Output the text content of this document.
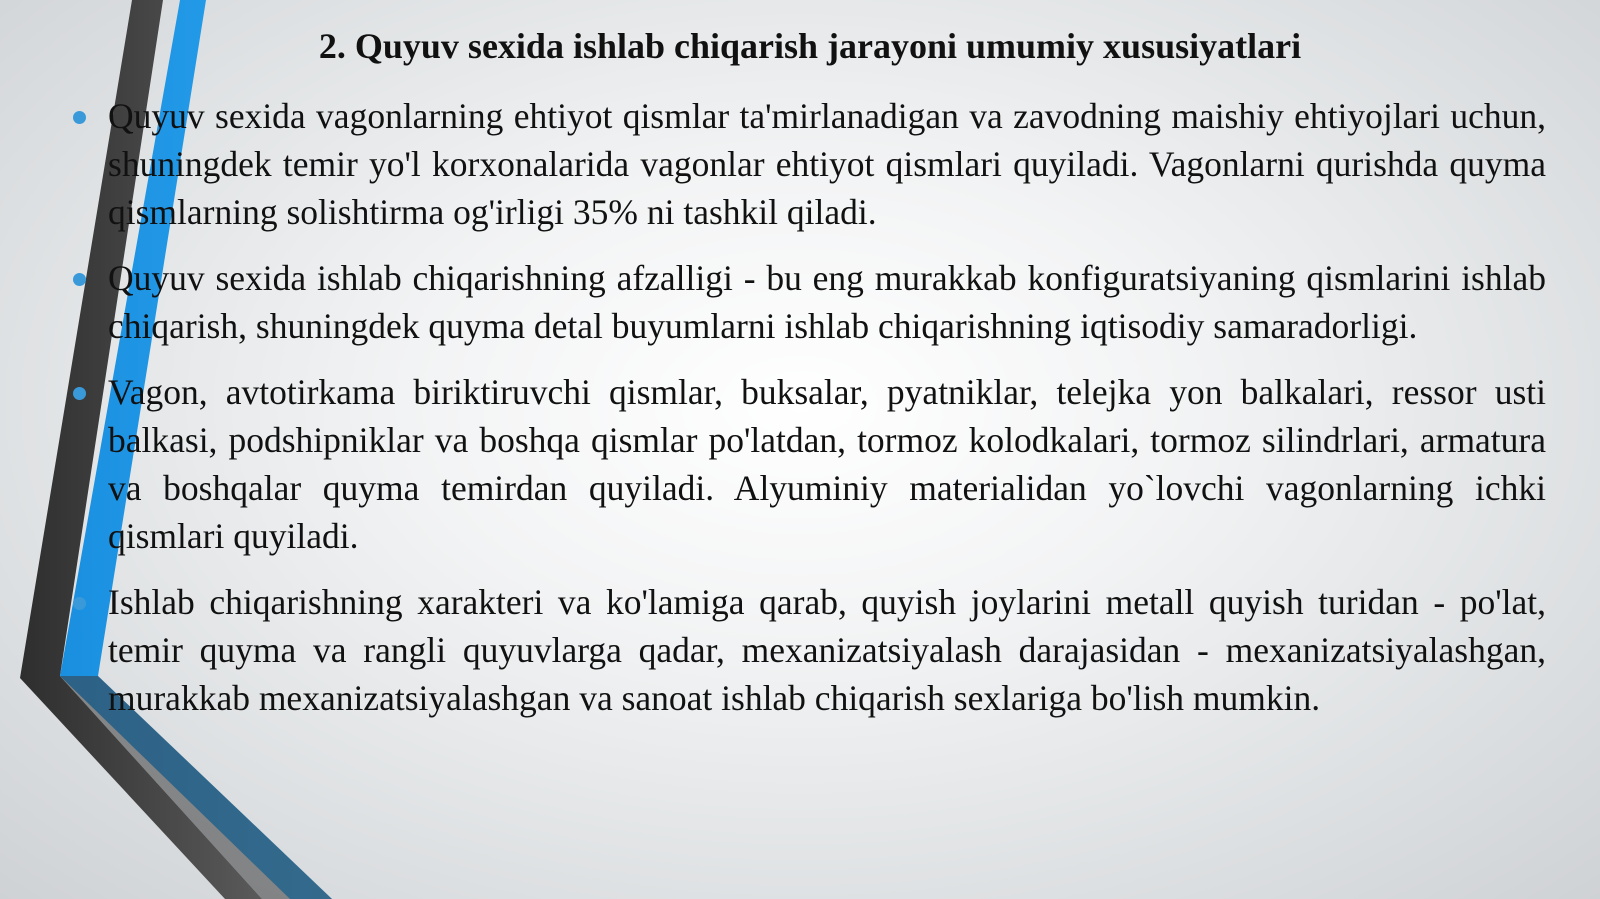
2. Quyuv sexida ishlab chiqarish jarayoni umumiy xususiyatlari
Quyuv sexida vagonlarning ehtiyot qismlar ta'mirlanadigan va zavodning maishiy ehtiyojlari uchun, shuningdek temir yo'l korxonalarida vagonlar ehtiyot qismlari quyiladi. Vagonlarni qurishda quyma qismlarning solishtirma og'irligi 35% ni tashkil qiladi.
Quyuv sexida ishlab chiqarishning afzalligi - bu eng murakkab konfiguratsiyaning qismlarini ishlab chiqarish, shuningdek quyma detal buyumlarni ishlab chiqarishning iqtisodiy samaradorligi.
Vagon, avtotirkama biriktiruvchi qismlar, buksalar, pyatniklar, telejka yon balkalari, ressor usti balkasi, podshipniklar va boshqa qismlar po'latdan, tormoz kolodkalari, tormoz silindrlari, armatura va boshqalar quyma temirdan quyiladi. Alyuminiy materialidan yo`lovchi vagonlarning ichki qismlari quyiladi.
Ishlab chiqarishning xarakteri va ko'lamiga qarab, quyish joylarini metall quyish turidan - po'lat, temir quyma va rangli quyuvlarga qadar, mexanizatsiyalash darajasidan - mexanizatsiyalashgan, murakkab mexanizatsiyalashgan va sanoat ishlab chiqarish sexlariga bo'lish mumkin.
